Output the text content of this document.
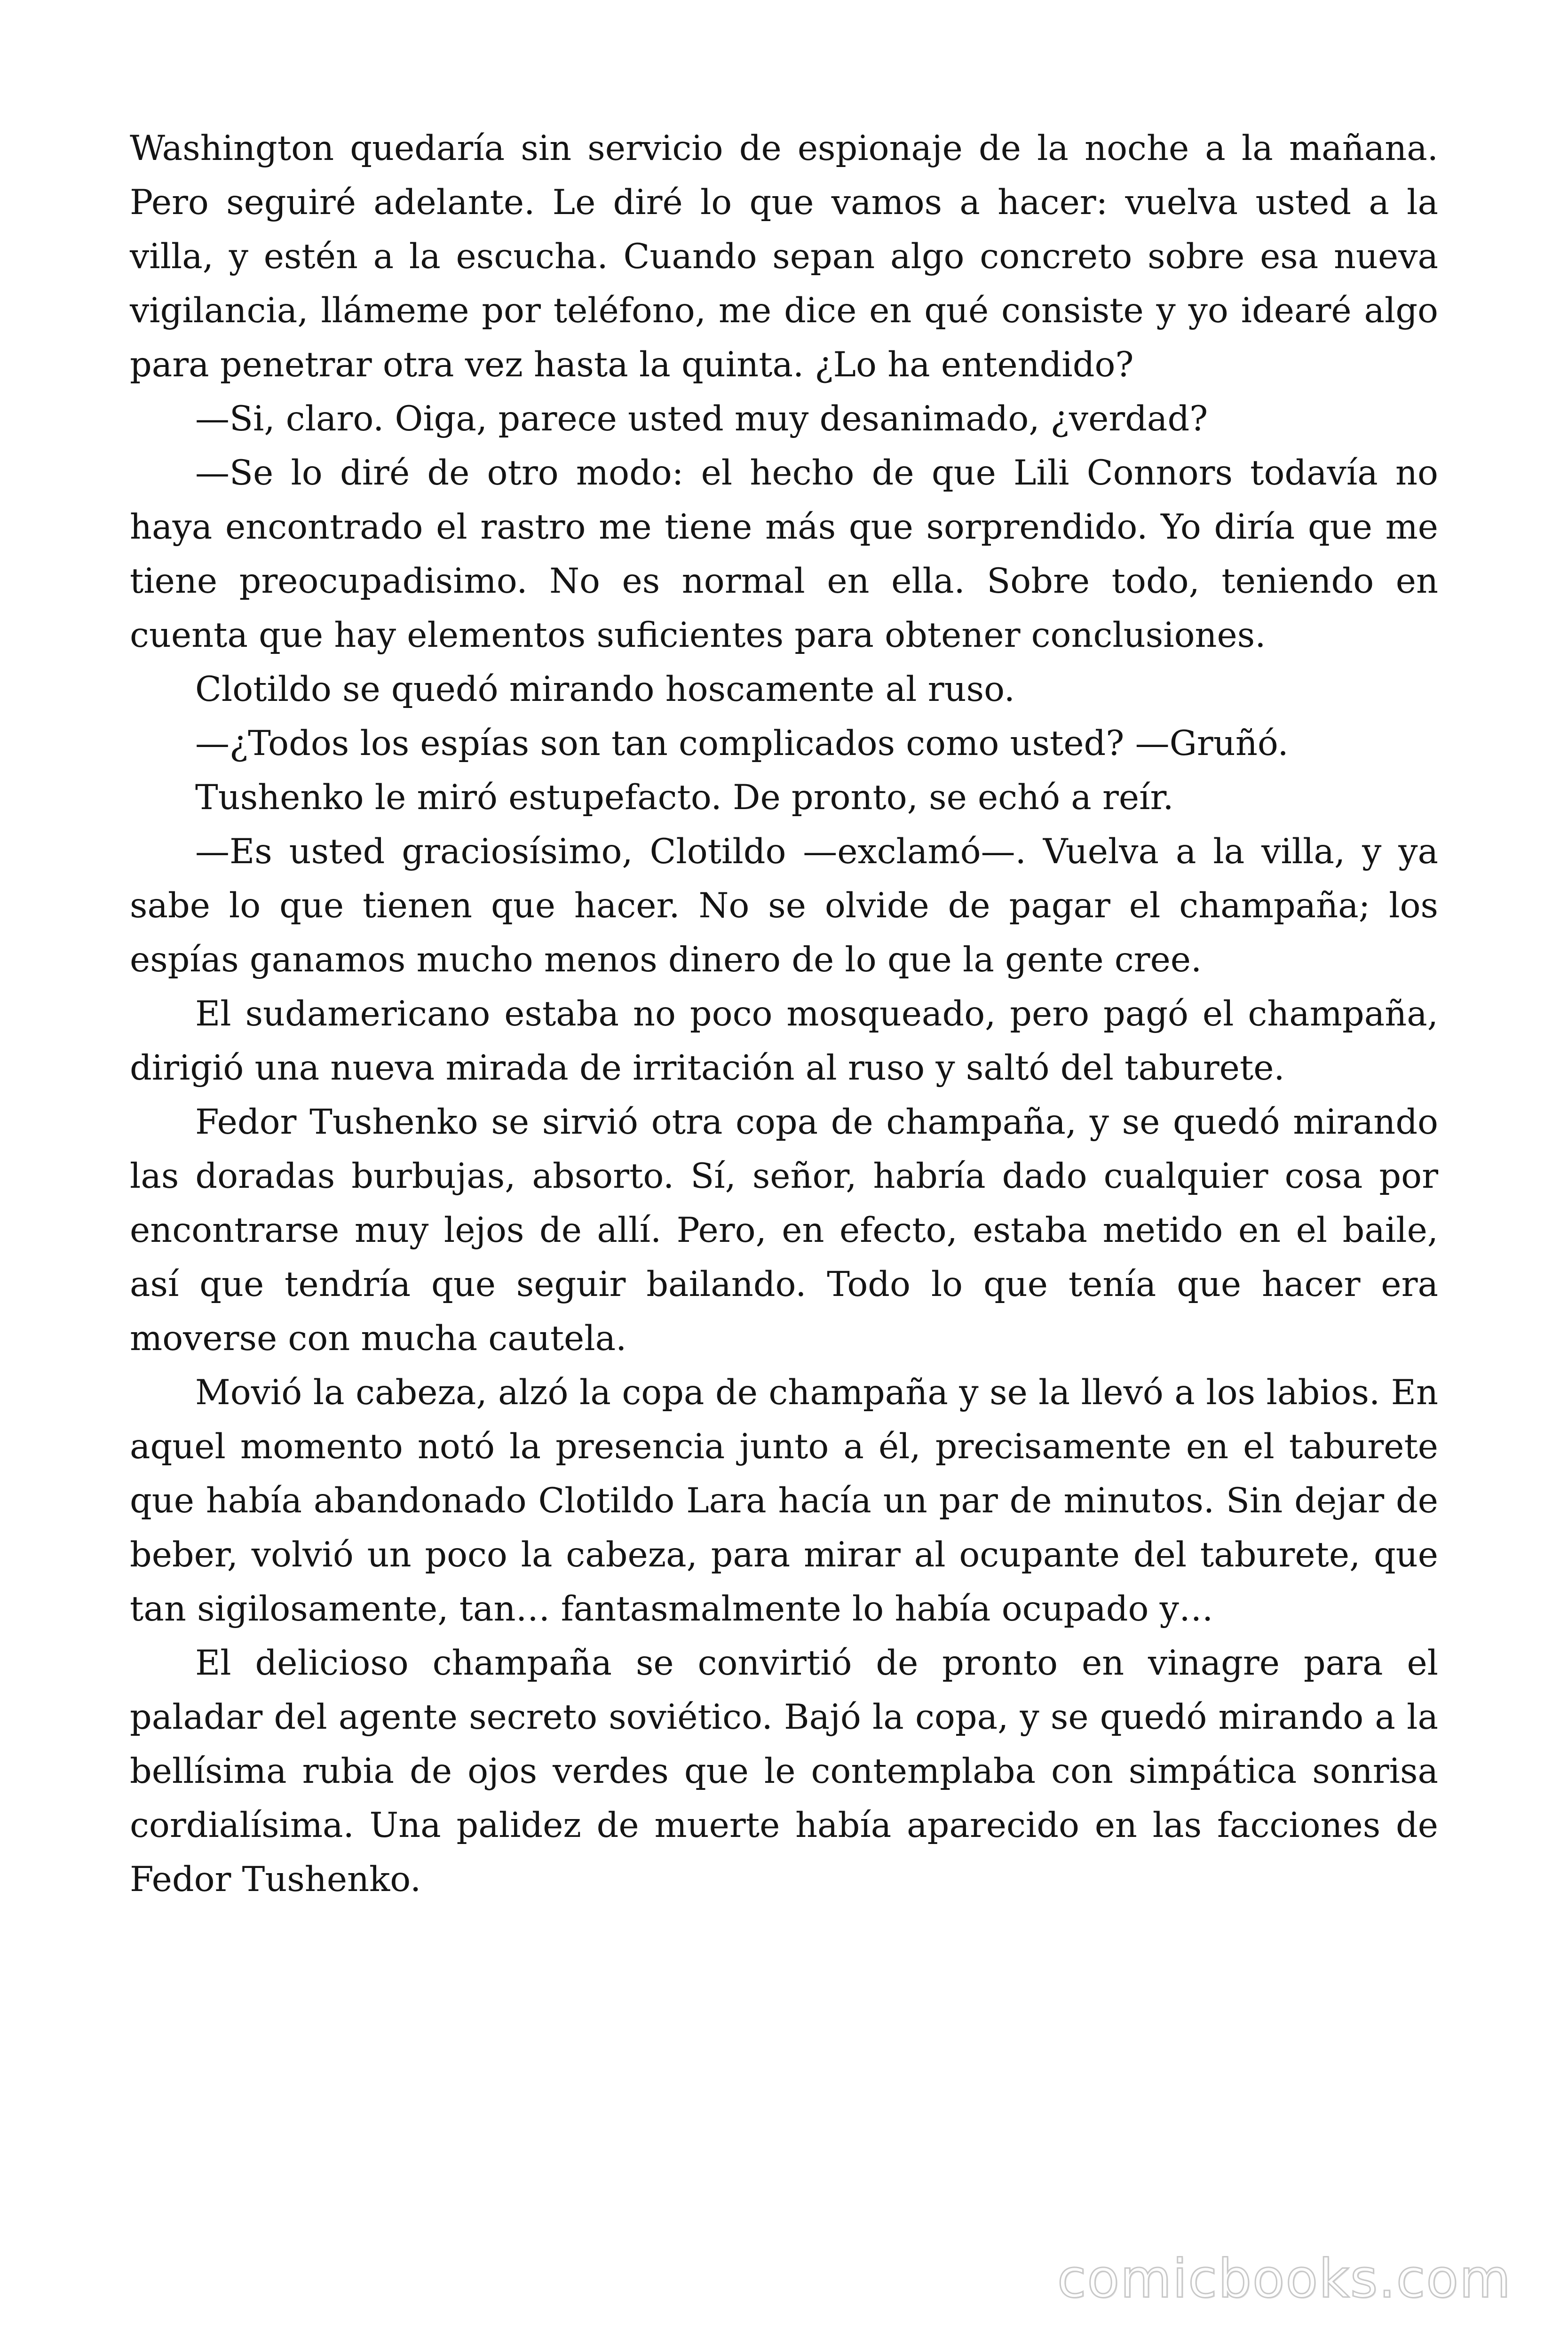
Washington quedaría sin servicio de espionaje de la noche a la mañana. Pero seguiré adelante. Le diré lo que vamos a hacer: vuelva usted a la villa, y estén a la escucha. Cuando sepan algo concreto sobre esa nueva vigilancia, llámeme por teléfono, me dice en qué consiste y yo idearé algo para penetrar otra vez hasta la quinta. ¿Lo ha entendido?

—Si, claro. Oiga, parece usted muy desanimado, ¿verdad?

—Se lo diré de otro modo: el hecho de que Lili Connors todavía no haya encontrado el rastro me tiene más que sorprendido. Yo diría que me tiene preocupadisimo. No es normal en ella. Sobre todo, teniendo en cuenta que hay elementos suficientes para obtener conclusiones.

Clotildo se quedó mirando hoscamente al ruso.

—¿Todos los espías son tan complicados como usted? —Gruñó.

Tushenko le miró estupefacto. De pronto, se echó a reír.

—Es usted graciosísimo, Clotildo —exclamó—. Vuelva a la villa, y ya sabe lo que tienen que hacer. No se olvide de pagar el champaña; los espías ganamos mucho menos dinero de lo que la gente cree.

El sudamericano estaba no poco mosqueado, pero pagó el champaña, dirigió una nueva mirada de irritación al ruso y saltó del taburete.

Fedor Tushenko se sirvió otra copa de champaña, y se quedó mirando las doradas burbujas, absorto. Sí, señor, habría dado cualquier cosa por encontrarse muy lejos de allí. Pero, en efecto, estaba metido en el baile, así que tendría que seguir bailando. Todo lo que tenía que hacer era moverse con mucha cautela.

Movió la cabeza, alzó la copa de champaña y se la llevó a los labios. En aquel momento notó la presencia junto a él, precisamente en el taburete que había abandonado Clotildo Lara hacía un par de minutos. Sin dejar de beber, volvió un poco la cabeza, para mirar al ocupante del taburete, que tan sigilosamente, tan… fantasmalmente lo había ocupado y…

El delicioso champaña se convirtió de pronto en vinagre para el paladar del agente secreto soviético. Bajó la copa, y se quedó mirando a la bellísima rubia de ojos verdes que le contemplaba con simpática sonrisa cordialísima. Una palidez de muerte había aparecido en las facciones de Fedor Tushenko.

comicbooks.com
